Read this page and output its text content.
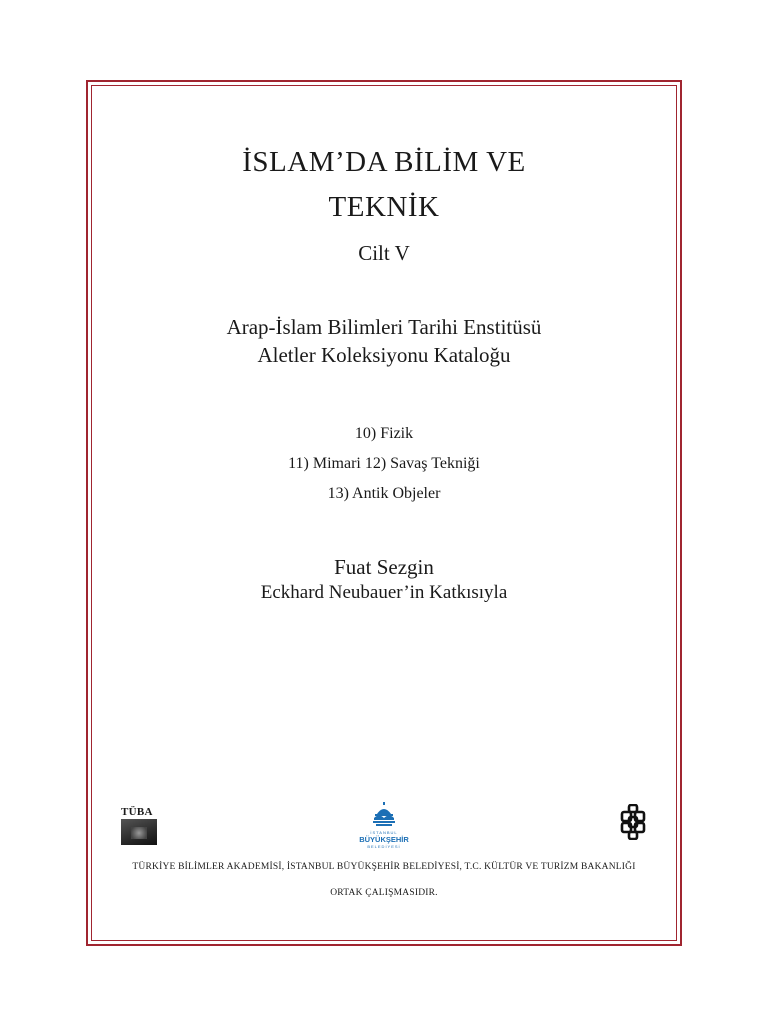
İSLAM’DA BİLİM VE
TEKNİK
Cilt V
Arap-İslam Bilimleri Tarihi Enstitüsü
Aletler Koleksiyonu Kataloğu
10) Fizik
11) Mimari 12) Savaş Tekniği
13) Antik Objeler
Fuat Sezgin
Eckhard Neubauer’in Katkısıyla
TÜBA
İSTANBUL
BÜYÜKŞEHİR
BELEDİYESİ
TÜRKİYE BİLİMLER AKADEMİSİ, İSTANBUL BÜYÜKŞEHİR BELEDİYESİ, T.C. KÜLTÜR VE TURİZM BAKANLIĞI
ORTAK ÇALIŞMASIDIR.
